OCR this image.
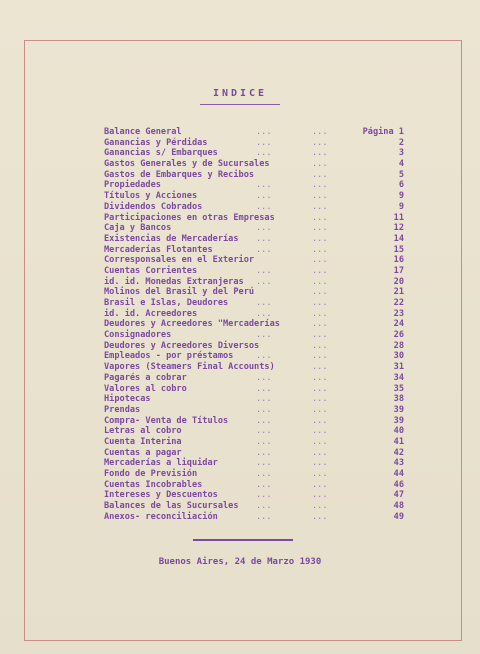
INDICE
Balance General	...	...	Página 1
Ganancias y Pérdidas	...	...	2
Ganancias s/ Embarques	...	...	3
Gastos Generales y de Sucursales	...	4
Gastos de Embarques y Recibos	...	5
Propiedades	...	...	6
Títulos y Acciones	...	...	9
Dividendos Cobrados	...	...	9
Participaciones en otras Empresas	...	11
Caja y Bancos	...	...	12
Existencias de Mercaderías ...	...	14
Mercaderías Flotantes	...	...	15
Corresponsales en el Exterior	...	16
Cuentas Corrientes	...	...	17
id. id. Monedas Extranjeras ...	...	20
Molinos del Brasil y del Perú	...	21
Brasil e Islas, Deudores	...	...	22
id. id. Acreedores	...	...	23
Deudores y Acreedores "Mercaderías	...	24
Consignadores	...	...	26
Deudores y Acreedores Diversos	...	28
Empleados - por préstamos	...	...	30
Vapores (Steamers Final Accounts)	...	31
Pagarés a cobrar	...	...	34
Valores al cobro	...	...	35
Hipotecas	...	...	38
Prendas	...	...	39
Compra- Venta de Títulos	...	...	39
Letras al cobro	...	...	40
Cuenta Interina	...	...	41
Cuentas a pagar	...	...	42
Mercaderías a liquidar	...	...	43
Fondo de Previsión	...	...	44
Cuentas Incobrables	...	...	46
Intereses y Descuentos	...	...	47
Balances de las Sucursales ...	...	48
Anexos- reconciliación	...	...	49
Buenos Aires, 24 de Marzo 1930
